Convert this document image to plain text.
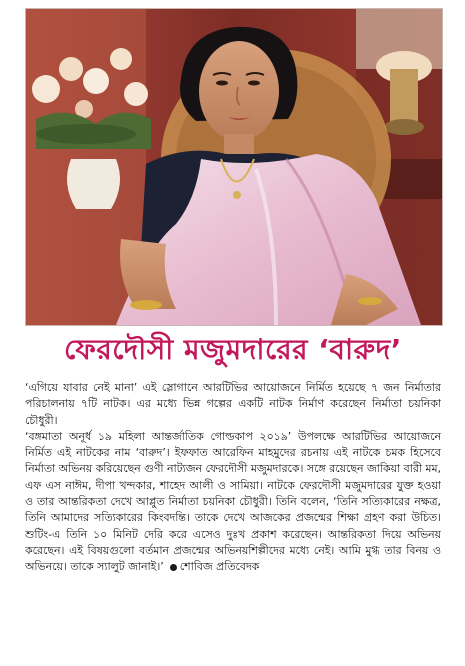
ফেরদৌসী মজুমদারের ‘বারুদ’

‘এগিয়ে যাবার নেই মানা’ এই স্লোগানে আরটিভির আয়োজনে নির্মিত হয়েছে ৭ জন নির্মাতার পরিচালনায় ৭টি নাটক। এর মধ্যে ভিন্ন গল্পের একটি নাটক নির্মাণ করেছেন নির্মাতা চয়নিকা চৌধুরী।

‘বঙ্গমাতা অনূর্ধ ১৯ মহিলা আন্তর্জাতিক গোল্ডকাপ ২০১৯’ উপলক্ষে আরটিভির আয়োজনে নির্মিত এই নাটকের নাম ‘বারুদ’। ইফফাত আরেফিন মাহমুদের রচনায় এই নাটকে চমক হিসেবে নির্মাতা অভিনয় করিয়েছেন গুণী নাট্যজন ফেরদৌসী মজুমদারকে। সঙ্গে রয়েছেন জাকিয়া বারী মম, এফ এস নাঈম, দীপা খন্দকার, শাহেদ আলী ও সামিয়া। নাটকে ফেরদৌসী মজুমদারের যুক্ত হওয়া ও তার আন্তরিকতা দেখে আপ্লুত নির্মাতা চয়নিকা চৌধুরী। তিনি বলেন, ‘তিনি সত্যিকারের নক্ষত্র, তিনি আমাদের সত্যিকারের কিংবদন্তি। তাকে দেখে আজকের প্রজন্মের শিক্ষা গ্রহণ করা উচিত। শুটিং-এ তিনি ১০ মিনিট দেরি করে এসেও দুঃখ প্রকাশ করেছেন। আন্তরিকতা দিয়ে অভিনয় করেছেন। এই বিষয়গুলো বর্তমান প্রজন্মের অভিনয়শিল্পীদের মধ্যে নেই। আমি মুগ্ধ তার বিনয় ও অভিনয়ে। তাকে স্যালুট জানাই।’ শোবিজ প্রতিবেদক
